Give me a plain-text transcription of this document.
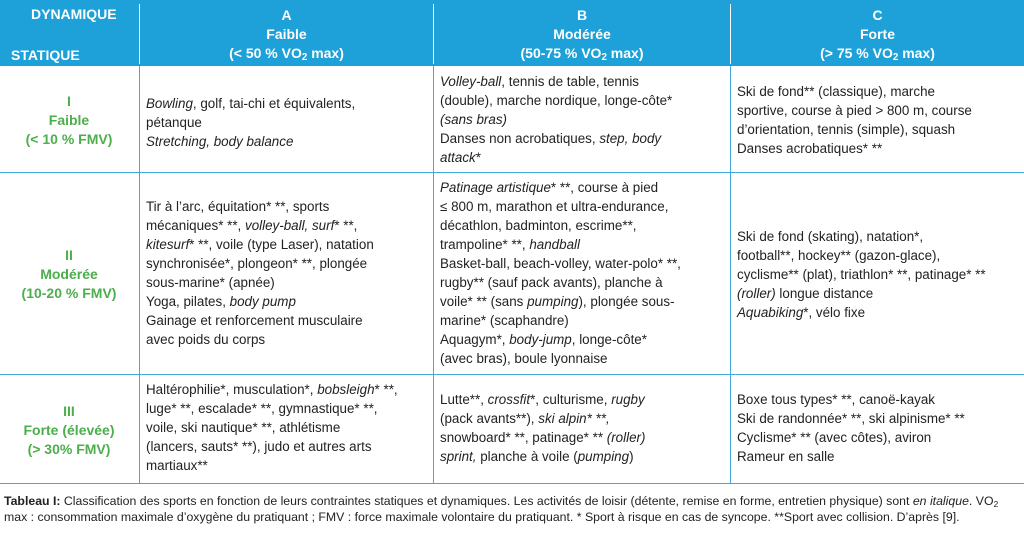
DYNAMIQUE
STATIQUE
A
Faible
(< 50 % $VO_2$ max)
B
Modérée
(50-75 % $VO_2$ max)
C
Forte
(> 75 % $VO_2$ max)
I
Faible
(< 10 % FMV)
II
Modérée
(10-20 % FMV)
III
Forte (élevée)
(> 30% FMV)

Bowling, golf, tai-chi et équivalents,

pétanque

Stretching, body balance

Volley-ball, tennis de table, tennis

(double), marche nordique, longe-côte*

(sans bras)

Danses non acrobatiques, step, body

attack*

Ski de fond** (classique), marche

sportive, course à pied > 800 m, course

d’orientation, tennis (simple), squash

Danses acrobatiques* **

Tir à l’arc, équitation* **, sports

mécaniques* **, volley-ball, surf* **,

kitesurf* **, voile (type Laser), natation

synchronisée*, plongeon* **, plongée

sous-marine* (apnée)

Yoga, pilates, body pump

Gainage et renforcement musculaire

avec poids du corps

Patinage artistique* **, course à pied

≤ 800 m, marathon et ultra-endurance,

décathlon, badminton, escrime**,

trampoline* **, handball

Basket-ball, beach-volley, water-polo* **,

rugby** (sauf pack avants), planche à

voile* ** (sans pumping), plongée sous-

marine* (scaphandre)

Aquagym*, body-jump, longe-côte*

(avec bras), boule lyonnaise

Ski de fond (skating), natation*,

football**, hockey** (gazon-glace),

cyclisme** (plat), triathlon* **, patinage* **

(roller) longue distance

Aquabiking*, vélo fixe

Haltérophilie*, musculation*, bobsleigh* **,

luge* **, escalade* **, gymnastique* **,

voile, ski nautique* **, athlétisme

(lancers, sauts* **), judo et autres arts

martiaux**

Lutte**, crossfit*, culturisme, rugby

(pack avants**), ski alpin* **,

snowboard* **, patinage* ** (roller)

sprint, planche à voile (pumping)

Boxe tous types* **, canoë-kayak

Ski de randonnée* **, ski alpinisme* **

Cyclisme* ** (avec côtes), aviron

Rameur en salle

Tableau I: Classification des sports en fonction de leurs contraintes statiques et dynamiques. Les activités de loisir (détente, remise en forme, entretien physique) sont en italique. $VO_2$ max : consommation maximale d’oxygène du pratiquant ; FMV : force maximale volontaire du pratiquant. * Sport à risque en cas de syncope. **Sport avec collision. D’après [9].
